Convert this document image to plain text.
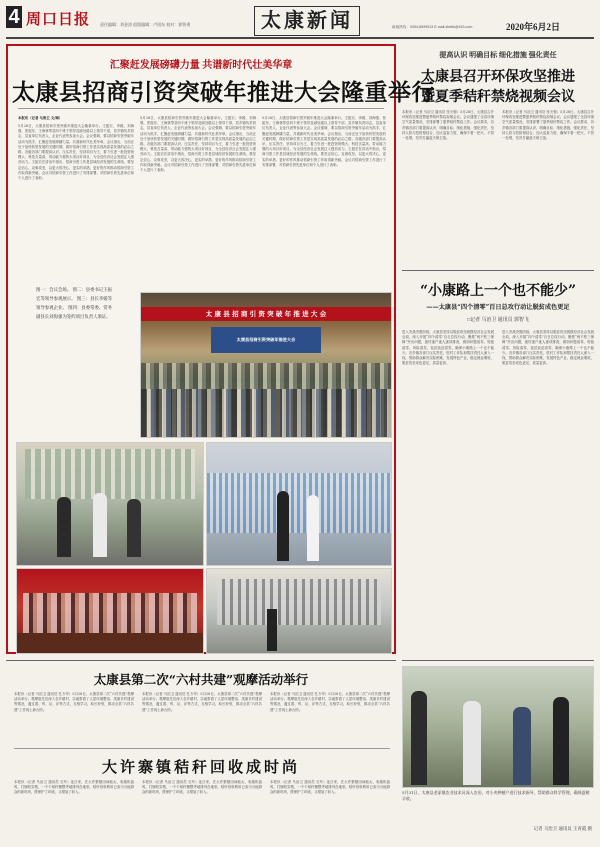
4 周口日报 责任编辑：刘金涛 组版编辑：卢团东 校对：郭智勇	太康新闻	新闻热线：0394-8599513 E-mail:zkrbtk@163.com	2020年6月2日
汇聚赶发展磅礴力量 共谱新时代壮美华章
太康县招商引资突破年推进大会隆重举行
本报讯（记者 马治卫 文/图）
5月28日，太康县招商引资突破年推进大会隆重举行。王振宏、李媛、刘海强、张振东、王海林等县四个班子领导及副处级以上领导干部，县乡镇负责同志，县直单位负责人，企业代表等参加大会。会议强调，要以招商引资突破年活动为抓手，汇聚赶发展磅礴力量，共谱新时代壮美华章。会议指出，当前正处于加快转型发展的关键时期，做好招商引资工作是实现高质量发展的必由之路。各级各部门要提高认识、压实责任，坚持项目为王，着力引进一批投资规模大、科技含量高、带动能力强的大项目好项目，为全县经济社会发展注入强劲动力。王振宏在讲话中指出，招商引资工作是县域经济发展的生命线，要坚定信心、克难攻坚，以更大的决心、更实的举措、更好的作风推动招商引资工作取得新突破。会议对招商引资工作进行了安排部署，对招商引资先进单位和个人进行了表彰。
5月28日，太康县招商引资突破年推进大会隆重举行。王振宏、李媛、刘海强、张振东、王海林等县四个班子领导及副处级以上领导干部，县乡镇负责同志，县直单位负责人，企业代表等参加大会。会议强调，要以招商引资突破年活动为抓手，汇聚赶发展磅礴力量，共谱新时代壮美华章。会议指出，当前正处于加快转型发展的关键时期，做好招商引资工作是实现高质量发展的必由之路。各级各部门要提高认识、压实责任，坚持项目为王，着力引进一批投资规模大、科技含量高、带动能力强的大项目好项目，为全县经济社会发展注入强劲动力。王振宏在讲话中指出，招商引资工作是县域经济发展的生命线，要坚定信心、克难攻坚，以更大的决心、更实的举措、更好的作风推动招商引资工作取得新突破。会议对招商引资工作进行了安排部署，对招商引资先进单位和个人进行了表彰。
5月28日，太康县招商引资突破年推进大会隆重举行。王振宏、李媛、刘海强、张振东、王海林等县四个班子领导及副处级以上领导干部，县乡镇负责同志，县直单位负责人，企业代表等参加大会。会议强调，要以招商引资突破年活动为抓手，汇聚赶发展磅礴力量，共谱新时代壮美华章。会议指出，当前正处于加快转型发展的关键时期，做好招商引资工作是实现高质量发展的必由之路。各级各部门要提高认识、压实责任，坚持项目为王，着力引进一批投资规模大、科技含量高、带动能力强的大项目好项目，为全县经济社会发展注入强劲动力。王振宏在讲话中指出，招商引资工作是县域经济发展的生命线，要坚定信心、克难攻坚，以更大的决心、更实的举措、更好的作风推动招商引资工作取得新突破。会议对招商引资工作进行了安排部署，对招商引资先进单位和个人进行了表彰。
图一：会议会场。 图二：县委书记王振宏等领导参观展示。 图三：县长李媛等领导参观企业。 图四：县委常委、常务副县长刘海强为签约项目负责人颁证。	太 康 县 招 商 引 资 突 破 年 推 进 大 会
太康县招商引资突破年推进大会
提高认识 明确目标 细化措施 强化责任
太康县召开环保攻坚推进
暨夏季秸秆禁烧视频会议
本报讯（记者 马治卫 通讯员 张天强）5月28日，太康县召开环保攻坚推进暨夏季秸秆禁烧视频会议。会议通报了全县环境空气质量情况，安排部署了夏季秸秆禁烧工作。会议要求，各乡镇各部门要提高认识，明确目标，细化措施，强化责任，坚持人防与技防相结合，加大巡查力度，确保不着一把火、不冒一处烟，坚决打赢蓝天保卫战。
本报讯（记者 马治卫 通讯员 张天强）5月28日，太康县召开环保攻坚推进暨夏季秸秆禁烧视频会议。会议通报了全县环境空气质量情况，安排部署了夏季秸秆禁烧工作。会议要求，各乡镇各部门要提高认识，明确目标，细化措施，强化责任，坚持人防与技防相结合，加大巡查力度，确保不着一把火、不冒一处烟，坚决打赢蓝天保卫战。
“小康路上一个也不能少”
——太康县“四个清零”百日总攻行动让脱贫成色更足
□记者 马治卫 通讯员 郭智飞
进入决战决胜阶段，太康县坚持以脱贫攻坚统揽经济社会发展全局，深入开展“四个清零”百日总攻行动，聚焦“两不愁三保障”突出问题，逐村逐户逐人逐项排查，做到问题清零、短板清零、风险清零、返贫致贫清零，确保小康路上一个也不能少。各乡镇各部门压实责任，驻村工作队和帮扶责任人深入一线，帮助群众解决实际困难，发展特色产业，稳定就业增收，脱贫攻坚成色更足、质量更高。
进入决战决胜阶段，太康县坚持以脱贫攻坚统揽经济社会发展全局，深入开展“四个清零”百日总攻行动，聚焦“两不愁三保障”突出问题，逐村逐户逐人逐项排查，做到问题清零、短板清零、风险清零、返贫致贫清零，确保小康路上一个也不能少。各乡镇各部门压实责任，驻村工作队和帮扶责任人深入一线，帮助群众解决实际困难，发展特色产业，稳定就业增收，脱贫攻坚成色更足、质量更高。
太康县第二次“六村共建”观摩活动举行
本报讯（记者 马治卫 通讯员 孔令华）5月28日，太康县第二次“六村共建”观摩活动举行。观摩组先后深入各乡镇村，实地察看了人居环境整治、美丽乡村建设等情况，通过看、听、议、评等方式，互相学习，取长补短，推动全县“六村共建”工作再上新台阶。
本报讯（记者 马治卫 通讯员 孔令华）5月28日，太康县第二次“六村共建”观摩活动举行。观摩组先后深入各乡镇村，实地察看了人居环境整治、美丽乡村建设等情况，通过看、听、议、评等方式，互相学习，取长补短，推动全县“六村共建”工作再上新台阶。
本报讯（记者 马治卫 通讯员 孔令华）5月28日，太康县第二次“六村共建”观摩活动举行。观摩组先后深入各乡镇村，实地察看了人居环境整治、美丽乡村建设等情况，通过看、听、议、评等方式，互相学习，取长补短，推动全县“六村共建”工作再上新台阶。
大许寨镇秸秆回收成时尚
本报讯（记者 马治卫 通讯员 石玲）连日来，在大许寨镇田间地头，收割机轰鸣，打捆机穿梭，一个个秸秆捆整齐地排列在地里。秸秆回收利用已成为当地群众的新时尚，既保护了环境，又增加了收入。
本报讯（记者 马治卫 通讯员 石玲）连日来，在大许寨镇田间地头，收割机轰鸣，打捆机穿梭，一个个秸秆捆整齐地排列在地里。秸秆回收利用已成为当地群众的新时尚，既保护了环境，又增加了收入。
本报讯（记者 马治卫 通讯员 石玲）连日来，在大许寨镇田间地头，收割机轰鸣，打捆机穿梭，一个个秸秆捆整齐地排列在地里。秸秆回收利用已成为当地群众的新时尚，既保护了环境，又增加了收入。	5月31日，太康县老冢镇农业技术员深入农田，对小麦种植户进行技术指导，帮助群众科学管理，确保夏粮丰收。
记者 马治卫 通讯员 王青霞 摄
